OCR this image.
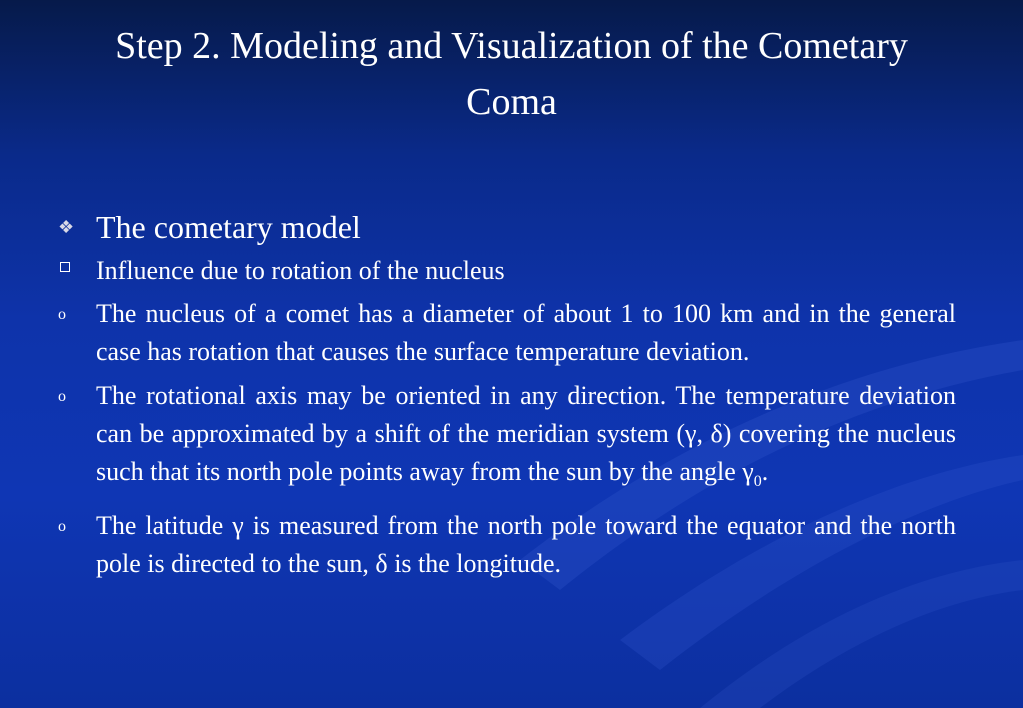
Step 2. Modeling and Visualization of the Cometary
Coma
❖ The cometary model
Influence due to rotation of the nucleus
o The nucleus of a comet has a diameter of about 1 to 100 km and in the general case has rotation that causes the surface temperature deviation.
o The rotational axis may be oriented in any direction. The temperature deviation can be approximated by a shift of the meridian system (γ, δ) covering the nucleus such that its north pole points away from the sun by the angle $\gamma_0$.
o The latitude γ is measured from the north pole toward the equator and the north pole is directed to the sun, δ is the longitude.
